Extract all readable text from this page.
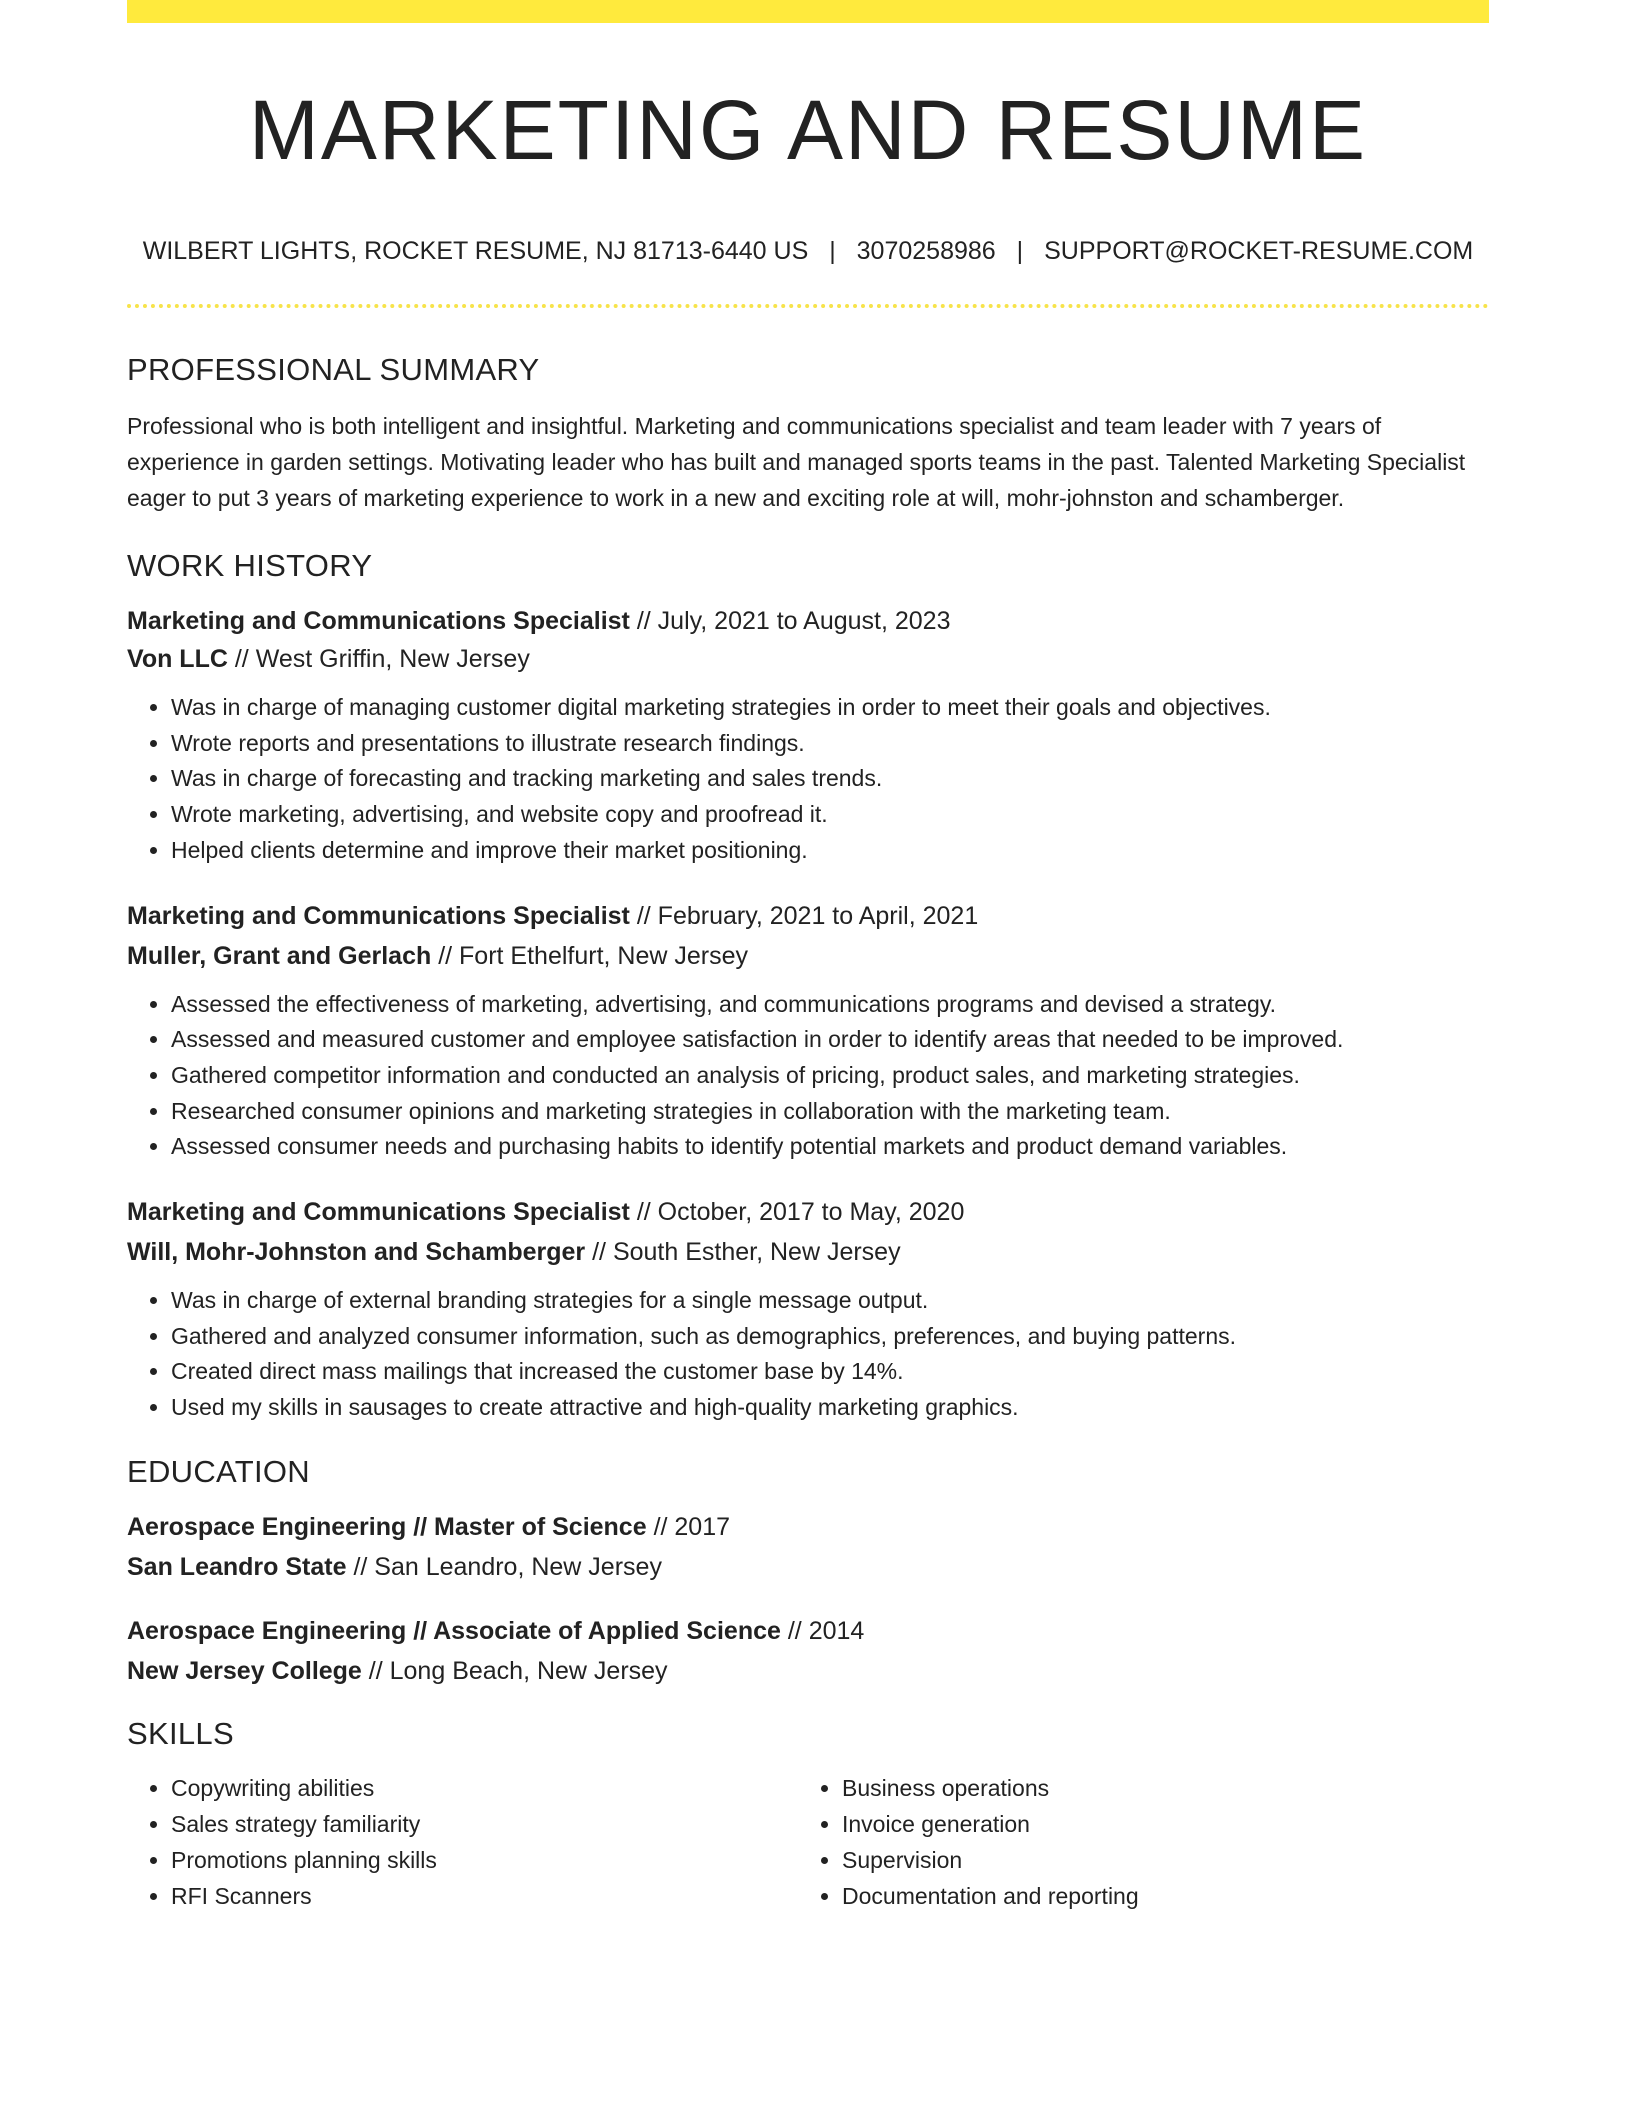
MARKETING AND RESUME
WILBERT LIGHTS, ROCKET RESUME, NJ 81713-6440 US | 3070258986 | SUPPORT@ROCKET-RESUME.COM
PROFESSIONAL SUMMARY

Professional who is both intelligent and insightful. Marketing and communications specialist and team leader with 7 years of experience in garden settings. Motivating leader who has built and managed sports teams in the past. Talented Marketing Specialist eager to put 3 years of marketing experience to work in a new and exciting role at will, mohr-johnston and schamberger.

WORK HISTORY

Marketing and Communications Specialist // July, 2021 to August, 2023

Von LLC // West Griffin, New Jersey

• Was in charge of managing customer digital marketing strategies in order to meet their goals and objectives.
• Wrote reports and presentations to illustrate research findings.
• Was in charge of forecasting and tracking marketing and sales trends.
• Wrote marketing, advertising, and website copy and proofread it.
• Helped clients determine and improve their market positioning.

Marketing and Communications Specialist // February, 2021 to April, 2021

Muller, Grant and Gerlach // Fort Ethelfurt, New Jersey

• Assessed the effectiveness of marketing, advertising, and communications programs and devised a strategy.
• Assessed and measured customer and employee satisfaction in order to identify areas that needed to be improved.
• Gathered competitor information and conducted an analysis of pricing, product sales, and marketing strategies.
• Researched consumer opinions and marketing strategies in collaboration with the marketing team.
• Assessed consumer needs and purchasing habits to identify potential markets and product demand variables.

Marketing and Communications Specialist // October, 2017 to May, 2020

Will, Mohr-Johnston and Schamberger // South Esther, New Jersey

• Was in charge of external branding strategies for a single message output.
• Gathered and analyzed consumer information, such as demographics, preferences, and buying patterns.
• Created direct mass mailings that increased the customer base by 14%.
• Used my skills in sausages to create attractive and high-quality marketing graphics.
EDUCATION

Aerospace Engineering // Master of Science // 2017

San Leandro State // San Leandro, New Jersey

Aerospace Engineering // Associate of Applied Science // 2014

New Jersey College // Long Beach, New Jersey

SKILLS
• Copywriting abilities
• Sales strategy familiarity
• Promotions planning skills
• RFI Scanners
• Business operations
• Invoice generation
• Supervision
• Documentation and reporting
